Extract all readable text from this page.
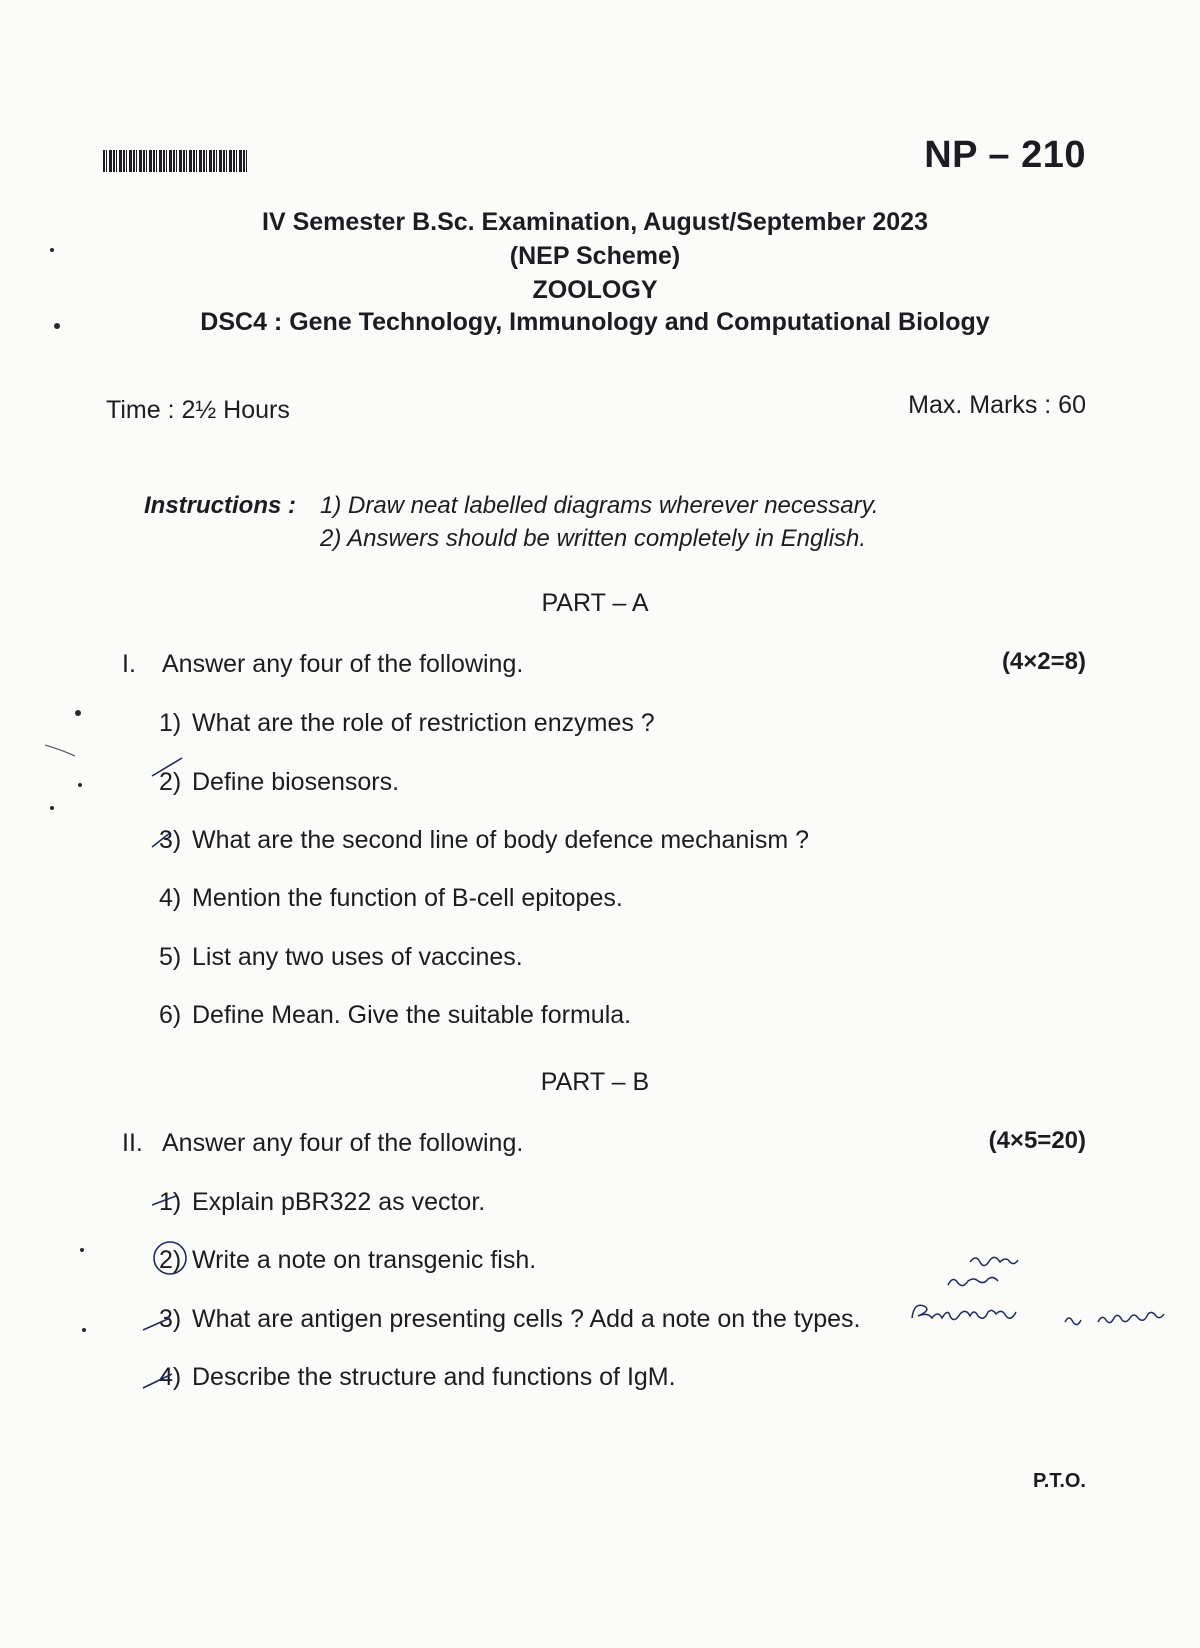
NP – 210
IV Semester B.Sc. Examination, August/September 2023
(NEP Scheme)
ZOOLOGY
DSC4 : Gene Technology, Immunology and Computational Biology
Time : 2½ Hours	Max. Marks : 60
Instructions : 1) Draw neat labelled diagrams wherever necessary.
2) Answers should be written completely in English.
PART – A
I. Answer any four of the following.	(4×2=8)
1) What are the role of restriction enzymes ?
2) Define biosensors.
3) What are the second line of body defence mechanism ?
4) Mention the function of B-cell epitopes.
5) List any two uses of vaccines.
6) Define Mean. Give the suitable formula.
PART – B
II. Answer any four of the following.	(4×5=20)
1) Explain pBR322 as vector.
2) Write a note on transgenic fish.
3) What are antigen presenting cells ? Add a note on the types.
4) Describe the structure and functions of IgM.
P.T.O.
